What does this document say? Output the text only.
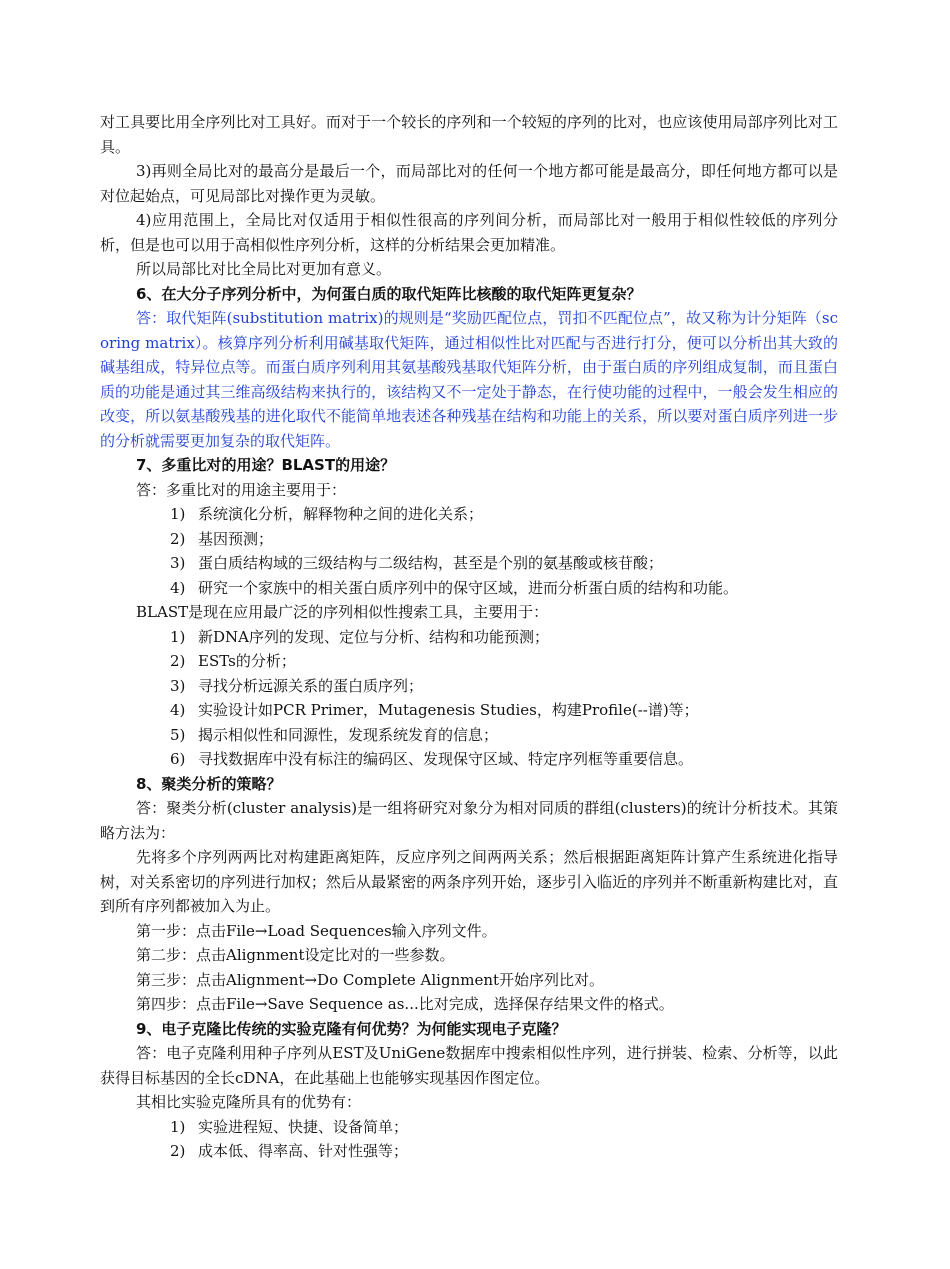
对工具要比用全序列比对工具好。而对于一个较长的序列和一个较短的序列的比对，也应该使用局部序列比对工具。

3)再则全局比对的最高分是最后一个，而局部比对的任何一个地方都可能是最高分，即任何地方都可以是对位起始点，可见局部比对操作更为灵敏。

4)应用范围上，全局比对仅适用于相似性很高的序列间分析，而局部比对一般用于相似性较低的序列分析，但是也可以用于高相似性序列分析，这样的分析结果会更加精准。

所以局部比对比全局比对更加有意义。

6、在大分子序列分析中，为何蛋白质的取代矩阵比核酸的取代矩阵更复杂？

答：取代矩阵(substitution matrix)的规则是“奖励匹配位点，罚扣不匹配位点”，故又称为计分矩阵（scoring matrix）。核算序列分析利用碱基取代矩阵，通过相似性比对匹配与否进行打分，便可以分析出其大致的碱基组成，特异位点等。而蛋白质序列利用其氨基酸残基取代矩阵分析，由于蛋白质的序列组成复制，而且蛋白质的功能是通过其三维高级结构来执行的，该结构又不一定处于静态，在行使功能的过程中，一般会发生相应的改变，所以氨基酸残基的进化取代不能简单地表述各种残基在结构和功能上的关系，所以要对蛋白质序列进一步的分析就需要更加复杂的取代矩阵。

7、多重比对的用途？BLAST的用途？

答：多重比对的用途主要用于：

1) 系统演化分析，解释物种之间的进化关系；

2) 基因预测；

3) 蛋白质结构域的三级结构与二级结构，甚至是个别的氨基酸或核苷酸；

4) 研究一个家族中的相关蛋白质序列中的保守区域，进而分析蛋白质的结构和功能。

BLAST是现在应用最广泛的序列相似性搜索工具，主要用于：

1) 新DNA序列的发现、定位与分析、结构和功能预测；

2) ESTs的分析；

3) 寻找分析远源关系的蛋白质序列；

4) 实验设计如PCR Primer，Mutagenesis Studies，构建Profile(--谱)等；

5) 揭示相似性和同源性，发现系统发育的信息；

6) 寻找数据库中没有标注的编码区、发现保守区域、特定序列框等重要信息。

8、聚类分析的策略？

答：聚类分析(cluster analysis)是一组将研究对象分为相对同质的群组(clusters)的统计分析技术。其策略方法为：

先将多个序列两两比对构建距离矩阵，反应序列之间两两关系；然后根据距离矩阵计算产生系统进化指导树，对关系密切的序列进行加权；然后从最紧密的两条序列开始，逐步引入临近的序列并不断重新构建比对，直到所有序列都被加入为止。

第一步：点击File→Load Sequences输入序列文件。

第二步：点击Alignment设定比对的一些参数。

第三步：点击Alignment→Do Complete Alignment开始序列比对。

第四步：点击File→Save Sequence as...比对完成，选择保存结果文件的格式。

9、电子克隆比传统的实验克隆有何优势？为何能实现电子克隆？

答：电子克隆利用种子序列从EST及UniGene数据库中搜索相似性序列，进行拼装、检索、分析等，以此获得目标基因的全长cDNA，在此基础上也能够实现基因作图定位。

其相比实验克隆所具有的优势有：

1) 实验进程短、快捷、设备简单；

2) 成本低、得率高、针对性强等；
